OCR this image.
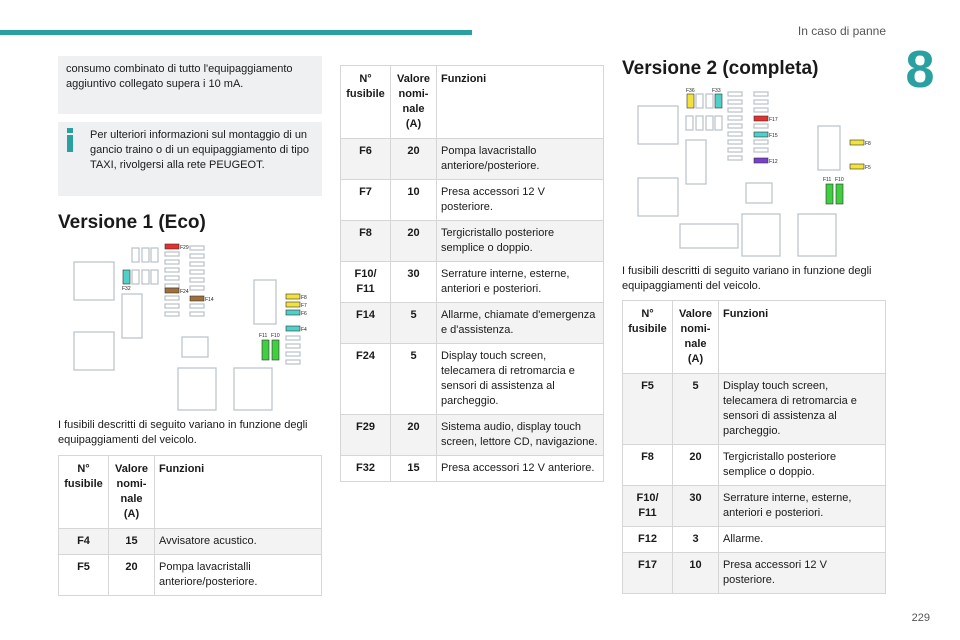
In caso di panne
8
consumo combinato di tutto l'equipaggiamento aggiuntivo collegato supera i 10 mA.
Per ulteriori informazioni sul montaggio di un gancio traino o di un equipaggiamento di tipo TAXI, rivolgersi alla rete PEUGEOT.
Versione 1 (Eco)
F29
F32	F24
F14	F8
F7
F6
F4
F11 F10
I fusibili descritti di seguito variano in funzione degli equipaggiamenti del veicolo.
N° fusibile	Valore nomi- nale (A)	Funzioni
F4	15	Avvisatore acustico.
F5	20	Pompa lavacristalli anteriore/posteriore.
N° fusibile	Valore nomi- nale (A)	Funzioni
F6	20	Pompa lavacristallo anteriore/posteriore.
F7	10	Presa accessori 12 V posteriore.
F8	20	Tergicristallo posteriore semplice o doppio.
F10/ F11	30	Serrature interne, esterne, anteriori e posteriori.
F14	5	Allarme, chiamate d'emergenza e d'assistenza.
F24	5	Display touch screen, telecamera di retromarcia e sensori di assistenza al parcheggio.
F29	20	Sistema audio, display touch screen, lettore CD, navigazione.
F32	15	Presa accessori 12 V anteriore.
Versione 2 (completa)
F36	F33
F17
F15
F12
F8
F5
F11 F10
I fusibili descritti di seguito variano in funzione degli equipaggiamenti del veicolo.
N° fusibile	Valore nomi- nale (A)	Funzioni
F5	5	Display touch screen, telecamera di retromarcia e sensori di assistenza al parcheggio.
F8	20	Tergicristallo posteriore semplice o doppio.
F10/ F11	30	Serrature interne, esterne, anteriori e posteriori.
F12	3	Allarme.
F17	10	Presa accessori 12 V posteriore.
229
